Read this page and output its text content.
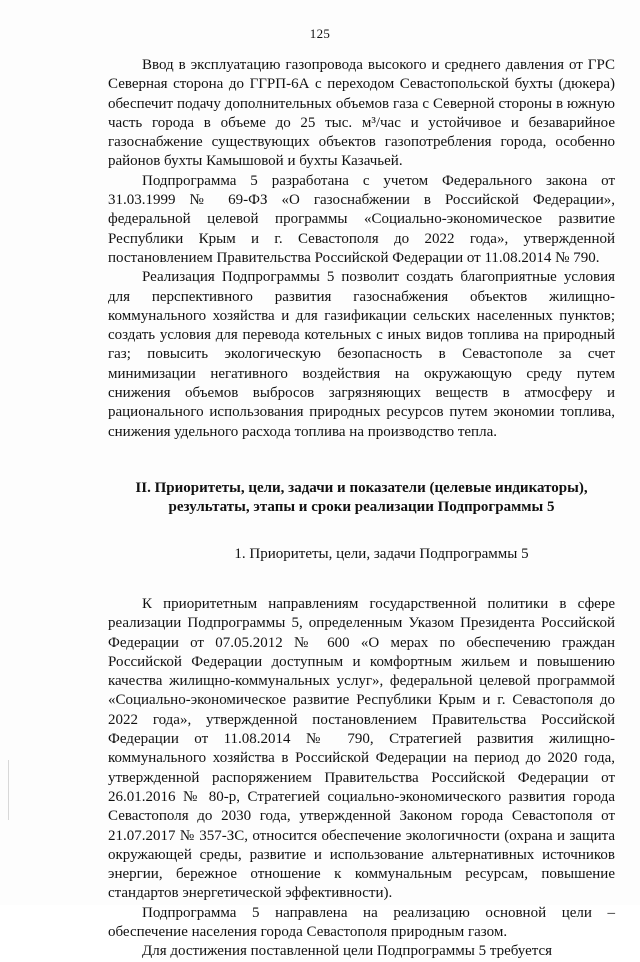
125

Ввод в эксплуатацию газопровода высокого и среднего давления от ГРС Северная сторона до ГГРП-6А с переходом Севастопольской бухты (дюкера) обеспечит подачу дополнительных объемов газа с Северной стороны в южную часть города в объеме до 25 тыс. м³/час и устойчивое и безаварийное газоснабжение существующих объектов газопотребления города, особенно районов бухты Камышовой и бухты Казачьей.

Подпрограмма 5 разработана с учетом Федерального закона от 31.03.1999 № 69-ФЗ «О газоснабжении в Российской Федерации», федеральной целевой программы «Социально-экономическое развитие Республики Крым и г. Севастополя до 2022 года», утвержденной постановлением Правительства Российской Федерации от 11.08.2014 № 790.

Реализация Подпрограммы 5 позволит создать благоприятные условия для перспективного развития газоснабжения объектов жилищно-коммунального хозяйства и для газификации сельских населенных пунктов; создать условия для перевода котельных с иных видов топлива на природный газ; повысить экологическую безопасность в Севастополе за счет минимизации негативного воздействия на окружающую среду путем снижения объемов выбросов загрязняющих веществ в атмосферу и рационального использования природных ресурсов путем экономии топлива, снижения удельного расхода топлива на производство тепла.

II. Приоритеты, цели, задачи и показатели (целевые индикаторы),
результаты, этапы и сроки реализации Подпрограммы 5
1. Приоритеты, цели, задачи Подпрограммы 5

К приоритетным направлениям государственной политики в сфере реализации Подпрограммы 5, определенным Указом Президента Российской Федерации от 07.05.2012 № 600 «О мерах по обеспечению граждан Российской Федерации доступным и комфортным жильем и повышению качества жилищно-коммунальных услуг», федеральной целевой программой «Социально-экономическое развитие Республики Крым и г. Севастополя до 2022 года», утвержденной постановлением Правительства Российской Федерации от 11.08.2014 № 790, Стратегией развития жилищно-коммунального хозяйства в Российской Федерации на период до 2020 года, утвержденной распоряжением Правительства Российской Федерации от 26.01.2016 № 80-р, Стратегией социально-экономического развития города Севастополя до 2030 года, утвержденной Законом города Севастополя от 21.07.2017 № 357-ЗС, относится обеспечение экологичности (охрана и защита окружающей среды, развитие и использование альтернативных источников энергии, бережное отношение к коммунальным ресурсам, повышение стандартов энергетической эффективности).

Подпрограмма 5 направлена на реализацию основной цели – обеспечение населения города Севастополя природным газом.

Для достижения поставленной цели Подпрограммы 5 требуется
